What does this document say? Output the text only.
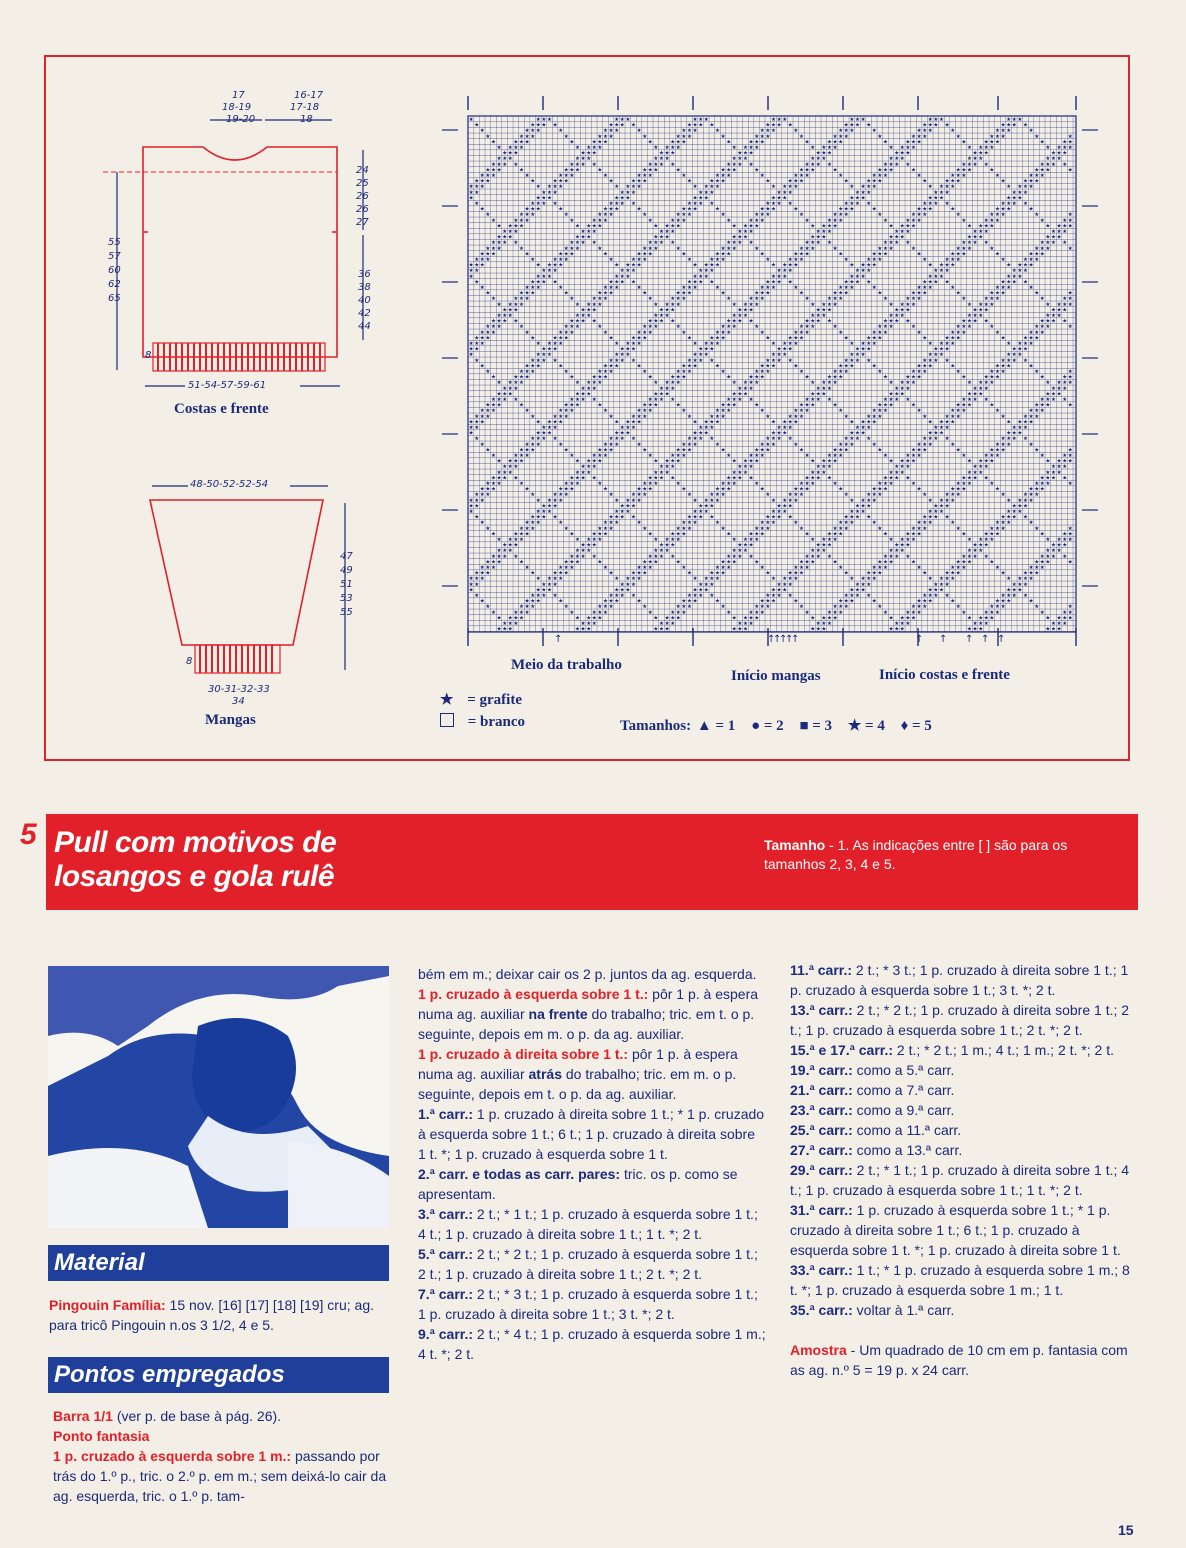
17
18-19
19-20
16-17
17-18
18
55
57
60
62
65
24
25
26
26
27
36
38
40
42
44
8
51-54-57-59-61
Costas e frente
48-50-52-52-54
47
49
51
53
55
8
30-31-32-33
34
Mangas
★	★ ★ ★	★ ★ ★	★ ★ ★	★ ★ ★	★ ★ ★	★ ★ ★	★ ★ ★
★	★ ★ ★ ★	★ ★ ★ ★	★ ★ ★ ★	★ ★ ★ ★	★ ★ ★ ★	★ ★ ★ ★	★ ★ ★ ★
★	★ ★ ★	★	★ ★ ★	★	★ ★ ★	★	★ ★ ★	★	★ ★ ★	★	★ ★ ★	★	★ ★ ★	★
★	★ ★ ★	★	★ ★ ★	★	★ ★ ★	★	★ ★ ★	★	★ ★ ★	★	★ ★ ★	★	★ ★ ★	★	★
★	★ ★ ★	★	★ ★ ★	★	★ ★ ★	★	★ ★ ★	★	★ ★ ★	★	★ ★ ★	★	★ ★ ★	★	★ ★
★ ★ ★ ★	★ ★ ★ ★	★ ★ ★ ★	★ ★ ★ ★	★ ★ ★ ★	★ ★ ★ ★	★ ★ ★ ★	★ ★ ★ ★
★ ★ ★	★ ★ ★	★ ★ ★	★ ★ ★	★ ★ ★	★ ★ ★	★ ★ ★	★ ★ ★
★ ★ ★	★ ★ ★	★ ★ ★	★ ★ ★	★ ★ ★	★ ★ ★	★ ★ ★	★ ★ ★
★ ★ ★ ★	★ ★ ★ ★	★ ★ ★ ★	★ ★ ★ ★	★ ★ ★ ★	★ ★ ★ ★	★ ★ ★ ★	★ ★ ★ ★
★ ★ ★	★	★ ★ ★	★	★ ★ ★	★	★ ★ ★	★	★ ★ ★	★	★ ★ ★	★	★ ★ ★	★	★ ★ ★	★
★ ★ ★	★	★ ★ ★	★	★ ★ ★	★	★ ★ ★	★	★ ★ ★	★	★ ★ ★	★	★ ★ ★	★	★ ★ ★
★ ★ ★	★	★ ★ ★	★	★ ★ ★	★	★ ★ ★	★	★ ★ ★	★	★ ★ ★	★	★ ★ ★	★	★ ★ ★
★ ★ ★	★ ★ ★ ★	★ ★ ★ ★	★ ★ ★ ★	★ ★ ★ ★	★ ★ ★ ★	★ ★ ★ ★	★ ★ ★ ★
★ ★	★ ★ ★	★ ★ ★	★ ★ ★	★ ★ ★	★ ★ ★	★ ★ ★	★ ★ ★
★	★ ★ ★	★ ★ ★	★ ★ ★	★ ★ ★	★ ★ ★	★ ★ ★	★ ★ ★
★	★ ★ ★ ★	★ ★ ★ ★	★ ★ ★ ★	★ ★ ★ ★	★ ★ ★ ★	★ ★ ★ ★	★ ★ ★ ★
★	★ ★ ★	★	★ ★ ★	★	★ ★ ★	★	★ ★ ★	★	★ ★ ★	★	★ ★ ★	★	★ ★ ★	★
★	★ ★ ★	★	★ ★ ★	★	★ ★ ★	★	★ ★ ★	★	★ ★ ★	★	★ ★ ★	★	★ ★ ★	★	★
★	★ ★ ★	★	★ ★ ★	★	★ ★ ★	★	★ ★ ★	★	★ ★ ★	★	★ ★ ★	★	★ ★ ★	★	★ ★
★ ★ ★ ★	★ ★ ★ ★	★ ★ ★ ★	★ ★ ★ ★	★ ★ ★ ★	★ ★ ★ ★	★ ★ ★ ★	★ ★ ★ ★
★ ★ ★	★ ★ ★	★ ★ ★	★ ★ ★	★ ★ ★	★ ★ ★	★ ★ ★	★ ★ ★
★ ★ ★	★ ★ ★	★ ★ ★	★ ★ ★	★ ★ ★	★ ★ ★	★ ★ ★	★ ★ ★
★ ★ ★ ★	★ ★ ★ ★	★ ★ ★ ★	★ ★ ★ ★	★ ★ ★ ★	★ ★ ★ ★	★ ★ ★ ★	★ ★ ★ ★
★ ★ ★	★	★ ★ ★	★	★ ★ ★	★	★ ★ ★	★	★ ★ ★	★	★ ★ ★	★	★ ★ ★	★	★ ★ ★	★
★ ★ ★	★	★ ★ ★	★	★ ★ ★	★	★ ★ ★	★	★ ★ ★	★	★ ★ ★	★	★ ★ ★	★	★ ★ ★
★ ★ ★	★	★ ★ ★	★	★ ★ ★	★	★ ★ ★	★	★ ★ ★	★	★ ★ ★	★	★ ★ ★	★	★ ★ ★
★ ★ ★	★ ★ ★ ★	★ ★ ★ ★	★ ★ ★ ★	★ ★ ★ ★	★ ★ ★ ★	★ ★ ★ ★	★ ★ ★ ★
★ ★	★ ★ ★	★ ★ ★	★ ★ ★	★ ★ ★	★ ★ ★	★ ★ ★	★ ★ ★
★	★ ★ ★	★ ★ ★	★ ★ ★	★ ★ ★	★ ★ ★	★ ★ ★	★ ★ ★
★	★ ★ ★ ★	★ ★ ★ ★	★ ★ ★ ★	★ ★ ★ ★	★ ★ ★ ★	★ ★ ★ ★	★ ★ ★ ★
★	★ ★ ★	★	★ ★ ★	★	★ ★ ★	★	★ ★ ★	★	★ ★ ★	★	★ ★ ★	★	★ ★ ★	★
★	★ ★ ★	★	★ ★ ★	★	★ ★ ★	★	★ ★ ★	★	★ ★ ★	★	★ ★ ★	★	★ ★ ★	★	★
★	★ ★ ★	★	★ ★ ★	★	★ ★ ★	★	★ ★ ★	★	★ ★ ★	★	★ ★ ★	★	★ ★ ★	★	★ ★
★ ★ ★ ★	★ ★ ★ ★	★ ★ ★ ★	★ ★ ★ ★	★ ★ ★ ★	★ ★ ★ ★	★ ★ ★ ★	★ ★ ★ ★
★ ★ ★	★ ★ ★	★ ★ ★	★ ★ ★	★ ★ ★	★ ★ ★	★ ★ ★	★ ★ ★
★ ★ ★	★ ★ ★	★ ★ ★	★ ★ ★	★ ★ ★	★ ★ ★	★ ★ ★	★ ★ ★
★ ★ ★ ★	★ ★ ★ ★	★ ★ ★ ★	★ ★ ★ ★	★ ★ ★ ★	★ ★ ★ ★	★ ★ ★ ★	★ ★ ★ ★
★ ★ ★	★	★ ★ ★	★	★ ★ ★	★	★ ★ ★	★	★ ★ ★	★	★ ★ ★	★	★ ★ ★	★	★ ★ ★	★
★ ★ ★	★	★ ★ ★	★	★ ★ ★	★	★ ★ ★	★	★ ★ ★	★	★ ★ ★	★	★ ★ ★	★	★ ★ ★
★ ★ ★	★	★ ★ ★	★	★ ★ ★	★	★ ★ ★	★	★ ★ ★	★	★ ★ ★	★	★ ★ ★	★	★ ★ ★
★ ★ ★	★ ★ ★ ★	★ ★ ★ ★	★ ★ ★ ★	★ ★ ★ ★	★ ★ ★ ★	★ ★ ★ ★	★ ★ ★ ★
★ ★	★ ★ ★	★ ★ ★	★ ★ ★	★ ★ ★	★ ★ ★	★ ★ ★	★ ★ ★
★	★ ★ ★	★ ★ ★	★ ★ ★	★ ★ ★	★ ★ ★	★ ★ ★	★ ★ ★
★	★ ★ ★ ★	★ ★ ★ ★	★ ★ ★ ★	★ ★ ★ ★	★ ★ ★ ★	★ ★ ★ ★	★ ★ ★ ★
★	★ ★ ★	★	★ ★ ★	★	★ ★ ★	★	★ ★ ★	★	★ ★ ★	★	★ ★ ★	★	★ ★ ★	★
★	★ ★ ★	★	★ ★ ★	★	★ ★ ★	★	★ ★ ★	★	★ ★ ★	★	★ ★ ★	★	★ ★ ★	★	★
★	★ ★ ★	★	★ ★ ★	★	★ ★ ★	★	★ ★ ★	★	★ ★ ★	★	★ ★ ★	★	★ ★ ★	★	★ ★
★ ★ ★ ★	★ ★ ★ ★	★ ★ ★ ★	★ ★ ★ ★	★ ★ ★ ★	★ ★ ★ ★	★ ★ ★ ★	★ ★ ★ ★
★ ★ ★	★ ★ ★	★ ★ ★	★ ★ ★	★ ★ ★	★ ★ ★	★ ★ ★	★ ★ ★
★ ★ ★	★ ★ ★	★ ★ ★	★ ★ ★	★ ★ ★	★ ★ ★	★ ★ ★	★ ★ ★
★ ★ ★ ★	★ ★ ★ ★	★ ★ ★ ★	★ ★ ★ ★	★ ★ ★ ★	★ ★ ★ ★	★ ★ ★ ★	★ ★ ★ ★
★ ★ ★	★	★ ★ ★	★	★ ★ ★	★	★ ★ ★	★	★ ★ ★	★	★ ★ ★	★	★ ★ ★	★	★ ★ ★	★
★ ★ ★	★	★ ★ ★	★	★ ★ ★	★	★ ★ ★	★	★ ★ ★	★	★ ★ ★	★	★ ★ ★	★	★ ★ ★
★ ★ ★	★	★ ★ ★	★	★ ★ ★	★	★ ★ ★	★	★ ★ ★	★	★ ★ ★	★	★ ★ ★	★	★ ★ ★
★ ★ ★	★ ★ ★ ★	★ ★ ★ ★	★ ★ ★ ★	★ ★ ★ ★	★ ★ ★ ★	★ ★ ★ ★	★ ★ ★ ★
★ ★	★ ★ ★	★ ★ ★	★ ★ ★	★ ★ ★	★ ★ ★	★ ★ ★	★ ★ ★
★	★ ★ ★	★ ★ ★	★ ★ ★	★ ★ ★	★ ★ ★	★ ★ ★	★ ★ ★
★	★ ★ ★ ★	★ ★ ★ ★	★ ★ ★ ★	★ ★ ★ ★	★ ★ ★ ★	★ ★ ★ ★	★ ★ ★ ★
★	★ ★ ★	★	★ ★ ★	★	★ ★ ★	★	★ ★ ★	★	★ ★ ★	★	★ ★ ★	★	★ ★ ★	★
★	★ ★ ★	★	★ ★ ★	★	★ ★ ★	★	★ ★ ★	★	★ ★ ★	★	★ ★ ★	★	★ ★ ★	★	★
★	★ ★ ★	★	★ ★ ★	★	★ ★ ★	★	★ ★ ★	★	★ ★ ★	★	★ ★ ★	★	★ ★ ★	★	★ ★
★ ★ ★ ★	★ ★ ★ ★	★ ★ ★ ★	★ ★ ★ ★	★ ★ ★ ★	★ ★ ★ ★	★ ★ ★ ★	★ ★ ★ ★
★ ★ ★	★ ★ ★	★ ★ ★	★ ★ ★	★ ★ ★	★ ★ ★	★ ★ ★	★ ★ ★
★ ★ ★	★ ★ ★	★ ★ ★	★ ★ ★	★ ★ ★	★ ★ ★	★ ★ ★	★ ★ ★
★ ★ ★ ★	★ ★ ★ ★	★ ★ ★ ★	★ ★ ★ ★	★ ★ ★ ★	★ ★ ★ ★	★ ★ ★ ★	★ ★ ★ ★
★ ★ ★	★	★ ★ ★	★	★ ★ ★	★	★ ★ ★	★	★ ★ ★	★	★ ★ ★	★	★ ★ ★	★	★ ★ ★	★
★ ★ ★	★	★ ★ ★	★	★ ★ ★	★	★ ★ ★	★	★ ★ ★	★	★ ★ ★	★	★ ★ ★	★	★ ★ ★
★ ★ ★	★	★ ★ ★	★	★ ★ ★	★	★ ★ ★	★	★ ★ ★	★	★ ★ ★	★	★ ★ ★	★	★ ★ ★
★ ★ ★	★ ★ ★ ★	★ ★ ★ ★	★ ★ ★ ★	★ ★ ★ ★	★ ★ ★ ★	★ ★ ★ ★	★ ★ ★ ★
★ ★	★ ★ ★	★ ★ ★	★ ★ ★	★ ★ ★	★ ★ ★	★ ★ ★	★ ★ ★
★	★ ★ ★	★ ★ ★	★ ★ ★	★ ★ ★	★ ★ ★	★ ★ ★	★ ★ ★
★	★ ★ ★ ★	★ ★ ★ ★	★ ★ ★ ★	★ ★ ★ ★	★ ★ ★ ★	★ ★ ★ ★	★ ★ ★ ★
★	★ ★ ★	★	★ ★ ★	★	★ ★ ★	★	★ ★ ★	★	★ ★ ★	★	★ ★ ★	★	★ ★ ★	★
★	★ ★ ★	★	★ ★ ★	★	★ ★ ★	★	★ ★ ★	★	★ ★ ★	★	★ ★ ★	★	★ ★ ★	★	★
★	★ ★ ★	★	★ ★ ★	★	★ ★ ★	★	★ ★ ★	★	★ ★ ★	★	★ ★ ★	★	★ ★ ★	★	★ ★
★ ★ ★ ★	★ ★ ★ ★	★ ★ ★ ★	★ ★ ★ ★	★ ★ ★ ★	★ ★ ★ ★	★ ★ ★ ★	★ ★ ★ ★
★ ★ ★	★ ★ ★	★ ★ ★	★ ★ ★	★ ★ ★	★ ★ ★	★ ★ ★	★ ★ ★
★ ★ ★	★ ★ ★	★ ★ ★	★ ★ ★	★ ★ ★	★ ★ ★	★ ★ ★	★ ★ ★
★ ★ ★ ★	★ ★ ★ ★	★ ★ ★ ★	★ ★ ★ ★	★ ★ ★ ★	★ ★ ★ ★	★ ★ ★ ★	★ ★ ★ ★
★ ★ ★	★	★ ★ ★	★	★ ★ ★	★	★ ★ ★	★	★ ★ ★	★	★ ★ ★	★	★ ★ ★	★	★ ★ ★	★
★ ★ ★	★	★ ★ ★	★	★ ★ ★	★	★ ★ ★	★	★ ★ ★	★	★ ★ ★	★	★ ★ ★	★	★ ★ ★
★ ★ ★	★	★ ★ ★	★	★ ★ ★	★	★ ★ ★	★	★ ★ ★	★	★ ★ ★	★	★ ★ ★	★	★ ★ ★
★ ★ ★	★ ★ ★ ★	★ ★ ★ ★	★ ★ ★ ★	★ ★ ★ ★	★ ★ ★ ★	★ ★ ★ ★	★ ★ ★ ★
★ ★	★ ★ ★	★ ★ ★	★ ★ ★	★ ★ ★	★ ★ ★	★ ★ ★	★ ★ ★
★	★ ★ ★	★ ★ ★	★ ★ ★	★ ★ ★	★ ★ ★	★ ★ ★	★ ★ ★
★	★ ★ ★ ★	★ ★ ★ ★	★ ★ ★ ★	★ ★ ★ ★	★ ★ ★ ★	★ ★ ★ ★	★ ★ ★ ★
★	★ ★ ★	★	★ ★ ★	★	★ ★ ★	★	★ ★ ★	★	★ ★ ★	★	★ ★ ★	★	★ ★ ★	★
★	★ ★ ★	★	★ ★ ★	★	★ ★ ★	★	★ ★ ★	★	★ ★ ★	★	★ ★ ★	★	★ ★ ★	★	★
★	★ ★ ★	★	★ ★ ★	★	★ ★ ★	★	★ ★ ★	★	★ ★ ★	★	★ ★ ★	★	★ ★ ★	★	★ ★
★ ★ ★ ★	★ ★ ★ ★	★ ★ ★ ★	★ ★ ★ ★	★ ★ ★ ★	★ ★ ★ ★	★ ★ ★ ★	★ ★ ★ ★
★ ★ ★	★ ★ ★	★ ★ ★	★ ★ ★	★ ★ ★	★ ★ ★	★ ★ ★	★ ★ ★
★ ★ ★	★ ★ ★	★ ★ ★	★ ★ ★	★ ★ ★	★ ★ ★	★ ★ ★	★ ★ ★
↑	↑
↑
↑
↑
↑	↑ ↑ ↑ ↑ ↑
Meio da trabalho
Início mangas	Início costas e frente
★ = grafite
= branco	Tamanhos: ▲ = 1 ● = 2 ■ = 3 ★ = 4 ♦ = 5
5 Pull com motivos de
losangos e gola rulê
Tamanho - 1. As indicações entre [ ] são para os tamanhos 2, 3, 4 e 5.
Material
Pingouin Família: 15 nov. [16] [17] [18] [19] cru; ag. para tricô Pingouin n.os 3 1/2, 4 e 5.
Pontos empregados

Barra 1/1 (ver p. de base à pág. 26).

Ponto fantasia

1 p. cruzado à esquerda sobre 1 m.: passando por trás do 1.º p., tric. o 2.º p. em m.; sem deixá-lo cair da ag. esquerda, tric. o 1.º p. tam-

bém em m.; deixar cair os 2 p. juntos da ag. esquerda.

1 p. cruzado à esquerda sobre 1 t.: pôr 1 p. à espera numa ag. auxiliar na frente do trabalho; tric. em t. o p. seguinte, depois em m. o p. da ag. auxiliar.

1 p. cruzado à direita sobre 1 t.: pôr 1 p. à espera numa ag. auxiliar atrás do trabalho; tric. em m. o p. seguinte, depois em t. o p. da ag. auxiliar.

1.ª carr.: 1 p. cruzado à direita sobre 1 t.; * 1 p. cruzado à esquerda sobre 1 t.; 6 t.; 1 p. cruzado à direita sobre 1 t. *; 1 p. cruzado à esquerda sobre 1 t.

2.ª carr. e todas as carr. pares: tric. os p. como se apresentam.

3.ª carr.: 2 t.; * 1 t.; 1 p. cruzado à esquerda sobre 1 t.; 4 t.; 1 p. cruzado à direita sobre 1 t.; 1 t. *; 2 t.

5.ª carr.: 2 t.; * 2 t.; 1 p. cruzado à esquerda sobre 1 t.; 2 t.; 1 p. cruzado à direita sobre 1 t.; 2 t. *; 2 t.

7.ª carr.: 2 t.; * 3 t.; 1 p. cruzado à esquerda sobre 1 t.; 1 p. cruzado à direita sobre 1 t.; 3 t. *; 2 t.

9.ª carr.: 2 t.; * 4 t.; 1 p. cruzado à esquerda sobre 1 m.; 4 t. *; 2 t.

11.ª carr.: 2 t.; * 3 t.; 1 p. cruzado à direita sobre 1 t.; 1 p. cruzado à esquerda sobre 1 t.; 3 t. *; 2 t.

13.ª carr.: 2 t.; * 2 t.; 1 p. cruzado à direita sobre 1 t.; 2 t.; 1 p. cruzado à esquerda sobre 1 t.; 2 t. *; 2 t.

15.ª e 17.ª carr.: 2 t.; * 2 t.; 1 m.; 4 t.; 1 m.; 2 t. *; 2 t.

19.ª carr.: como a 5.ª carr.

21.ª carr.: como a 7.ª carr.

23.ª carr.: como a 9.ª carr.

25.ª carr.: como a 11.ª carr.

27.ª carr.: como a 13.ª carr.

29.ª carr.: 2 t.; * 1 t.; 1 p. cruzado à direita sobre 1 t.; 4 t.; 1 p. cruzado à esquerda sobre 1 t.; 1 t. *; 2 t.

31.ª carr.: 1 p. cruzado à esquerda sobre 1 t.; * 1 p. cruzado à direita sobre 1 t.; 6 t.; 1 p. cruzado à esquerda sobre 1 t. *; 1 p. cruzado à direita sobre 1 t.

33.ª carr.: 1 t.; * 1 p. cruzado à esquerda sobre 1 m.; 8 t. *; 1 p. cruzado à esquerda sobre 1 m.; 1 t.

35.ª carr.: voltar à 1.ª carr.

Amostra - Um quadrado de 10 cm em p. fantasia com as ag. n.º 5 = 19 p. x 24 carr.

15
